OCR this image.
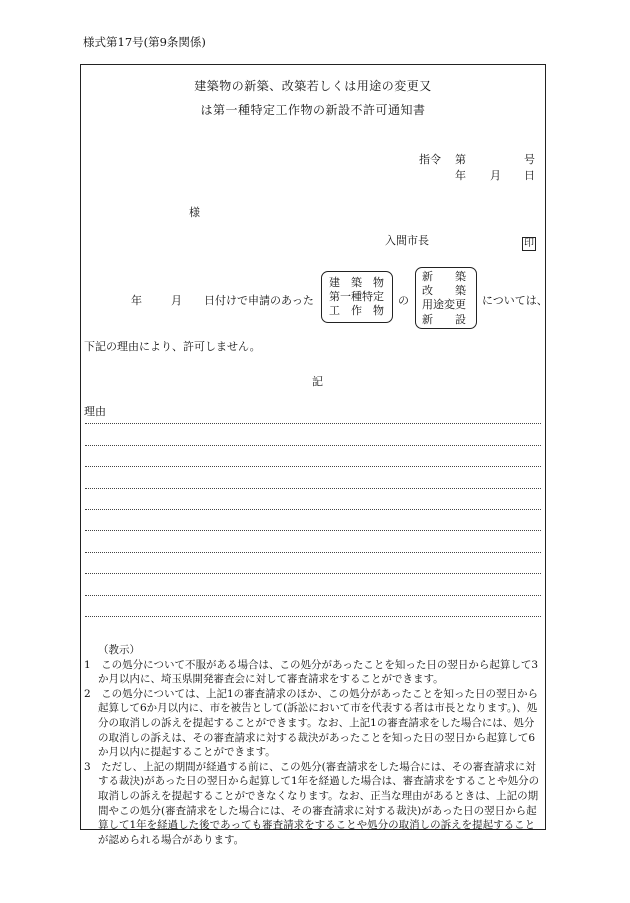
様式第17号(第9条関係)
建築物の新築、改築若しくは用途の変更又
は第一種特定工作物の新設不許可通知書
指令 第	号
年 月 日
様
入間市長	印
年	月 日付けで申請のあった
建　築　物
第一種特定
工　作　物
の
新　　築
改　　築
用途変更
新　　設
については、
下記の理由により、許可しません。
記
理由
（教示）

1　この処分について不服がある場合は、この処分があったことを知った日の翌日から起算して3か月以内に、埼玉県開発審査会に対して審査請求をすることができます。

2　この処分については、上記1の審査請求のほか、この処分があったことを知った日の翌日から起算して6か月以内に、市を被告として(訴訟において市を代表する者は市長となります。)、処分の取消しの訴えを提起することができます。なお、上記1の審査請求をした場合には、処分の取消しの訴えは、その審査請求に対する裁決があったことを知った日の翌日から起算して6か月以内に提起することができます。

3　ただし、上記の期間が経過する前に、この処分(審査請求をした場合には、その審査請求に対する裁決)があった日の翌日から起算して1年を経過した場合は、審査請求をすることや処分の取消しの訴えを提起することができなくなります。なお、正当な理由があるときは、上記の期間やこの処分(審査請求をした場合には、その審査請求に対する裁決)があった日の翌日から起算して1年を経過した後であっても審査請求をすることや処分の取消しの訴えを提起することが認められる場合があります。
